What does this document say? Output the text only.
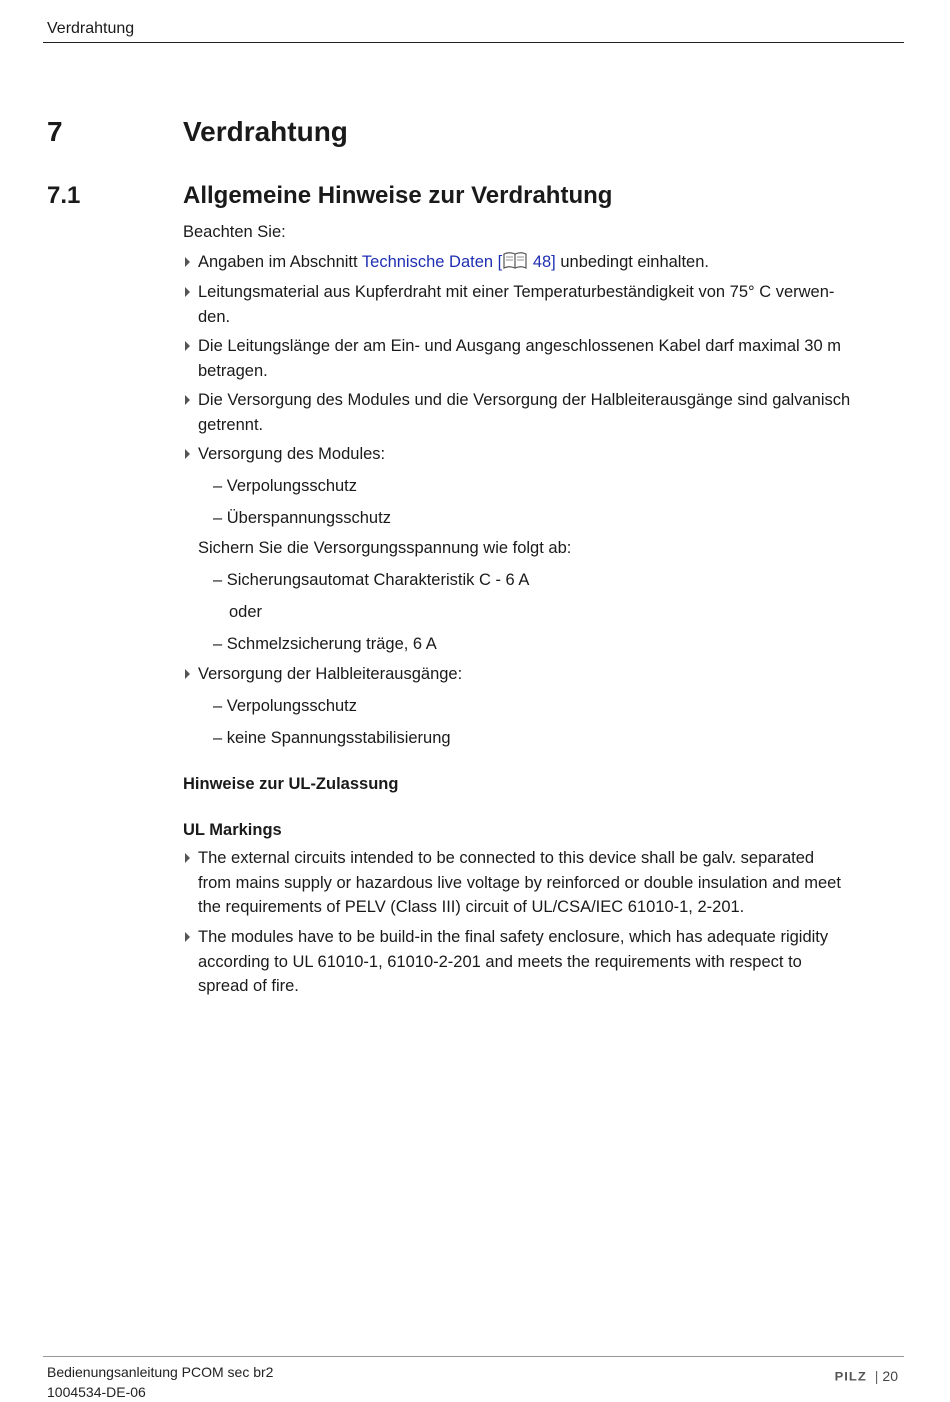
Verdrahtung
7	Verdrahtung
7.1	Allgemeine Hinweise zur Verdrahtung
Beachten Sie:
Angaben im Abschnitt Technische Daten [ 48] unbedingt einhalten.
Leitungsmaterial aus Kupferdraht mit einer Temperaturbeständigkeit von 75° C verwen-
den.
Die Leitungslänge der am Ein- und Ausgang angeschlossenen Kabel darf maximal 30 m
betragen.
Die Versorgung des Modules und die Versorgung der Halbleiterausgänge sind galvanisch
getrennt.
Versorgung des Modules:
– Verpolungsschutz
– Überspannungsschutz
Sichern Sie die Versorgungsspannung wie folgt ab:
– Sicherungsautomat Charakteristik C - 6 A
oder
– Schmelzsicherung träge, 6 A
Versorgung der Halbleiterausgänge:
– Verpolungsschutz
– keine Spannungsstabilisierung
Hinweise zur UL-Zulassung
UL Markings
The external circuits intended to be connected to this device shall be galv. separated
from mains supply or hazardous live voltage by reinforced or double insulation and meet
the requirements of PELV (Class III) circuit of UL/CSA/IEC 61010-1, 2-201.
The modules have to be build-in the final safety enclosure, which has adequate rigidity
according to UL 61010-1, 61010-2-201 and meets the requirements with respect to
spread of fire.
Bedienungsanleitung PCOM sec br2
1004534-DE-06
PILZ | 20
